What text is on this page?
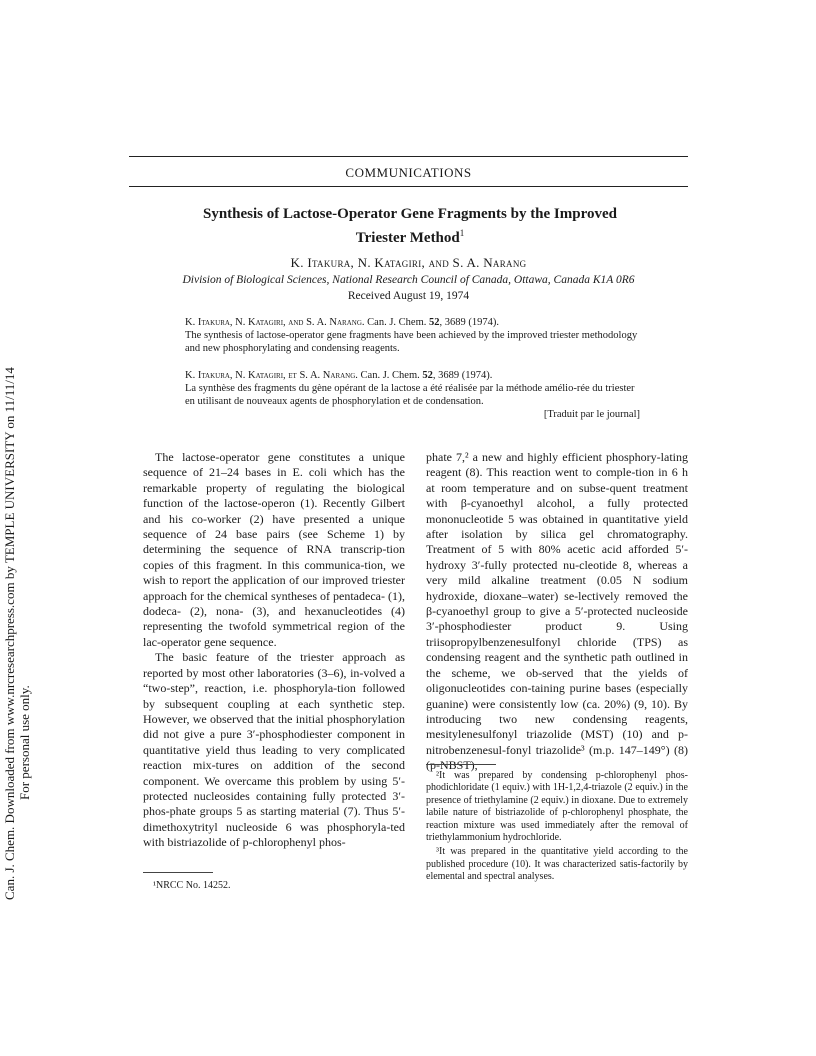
Can. J. Chem. Downloaded from www.nrcresearchpress.com by TEMPLE UNIVERSITY on 11/11/14 For personal use only.
COMMUNICATIONS
Synthesis of Lactose-Operator Gene Fragments by the Improved
Triester Method$^1$
K. Itakura, N. Katagiri, and S. A. Narang
Division of Biological Sciences, National Research Council of Canada, Ottawa, Canada K1A 0R6
Received August 19, 1974

K. Itakura, N. Katagiri, and S. A. Narang. Can. J. Chem. 52, 3689 (1974).

The synthesis of lactose-operator gene fragments have been achieved by the improved triester methodology and new phosphorylating and condensing reagents.

K. Itakura, N. Katagiri, et S. A. Narang. Can. J. Chem. 52, 3689 (1974).

La synthèse des fragments du gène opérant de la lactose a été réalisée par la méthode amélio-rée du triester en utilisant de nouveaux agents de phosphorylation et de condensation.

[Traduit par le journal]

The lactose-operator gene constitutes a unique sequence of 21–24 bases in E. coli which has the remarkable property of regulating the biological function of the lactose-operon (1). Recently Gilbert and his co-worker (2) have presented a unique sequence of 24 base pairs (see Scheme 1) by determining the sequence of RNA transcrip-tion copies of this fragment. In this communica-tion, we wish to report the application of our improved triester approach for the chemical syntheses of pentadeca- (1), dodeca- (2), nona- (3), and hexanucleotides (4) representing the twofold symmetrical region of the lac-operator gene sequence.

The basic feature of the triester approach as reported by most other laboratories (3–6), in-volved a “two-step”, reaction, i.e. phosphoryla-tion followed by subsequent coupling at each synthetic step. However, we observed that the initial phosphorylation did not give a pure 3′-phosphodiester component in quantitative yield thus leading to very complicated reaction mix-tures on addition of the second component. We overcame this problem by using 5′-protected nucleosides containing fully protected 3′-phos-phate groups 5 as starting material (7). Thus 5′-dimethoxytrityl nucleoside 6 was phosphoryla-ted with bistriazolide of p-chlorophenyl phos-

phate 7,² a new and highly efficient phosphory-lating reagent (8). This reaction went to comple-tion in 6 h at room temperature and on subse-quent treatment with β-cyanoethyl alcohol, a fully protected mononucleotide 5 was obtained in quantitative yield after isolation by silica gel chromatography. Treatment of 5 with 80% acetic acid afforded 5′-hydroxy 3′-fully protected nu-cleotide 8, whereas a very mild alkaline treatment (0.05 N sodium hydroxide, dioxane–water) se-lectively removed the β-cyanoethyl group to give a 5′-protected nucleoside 3′-phosphodiester product 9. Using triisopropylbenzenesulfonyl chloride (TPS) as condensing reagent and the synthetic path outlined in the scheme, we ob-served that the yields of oligonucleotides con-taining purine bases (especially guanine) were consistently low (ca. 20%) (9, 10). By introducing two new condensing reagents, mesitylenesulfonyl triazolide (MST) (10) and p-nitrobenzenesul-fonyl triazolide³ (m.p. 147–149°) (8) (p-NBST),

¹NRCC No. 14252.

²It was prepared by condensing p-chlorophenyl phos-phodichloridate (1 equiv.) with 1H-1,2,4-triazole (2 equiv.) in the presence of triethylamine (2 equiv.) in dioxane. Due to extremely labile nature of bistriazolide of p-chlorophenyl phosphate, the reaction mixture was used immediately after the removal of triethylammonium hydrochloride.

³It was prepared in the quantitative yield according to the published procedure (10). It was characterized satis-factorily by elemental and spectral analyses.
